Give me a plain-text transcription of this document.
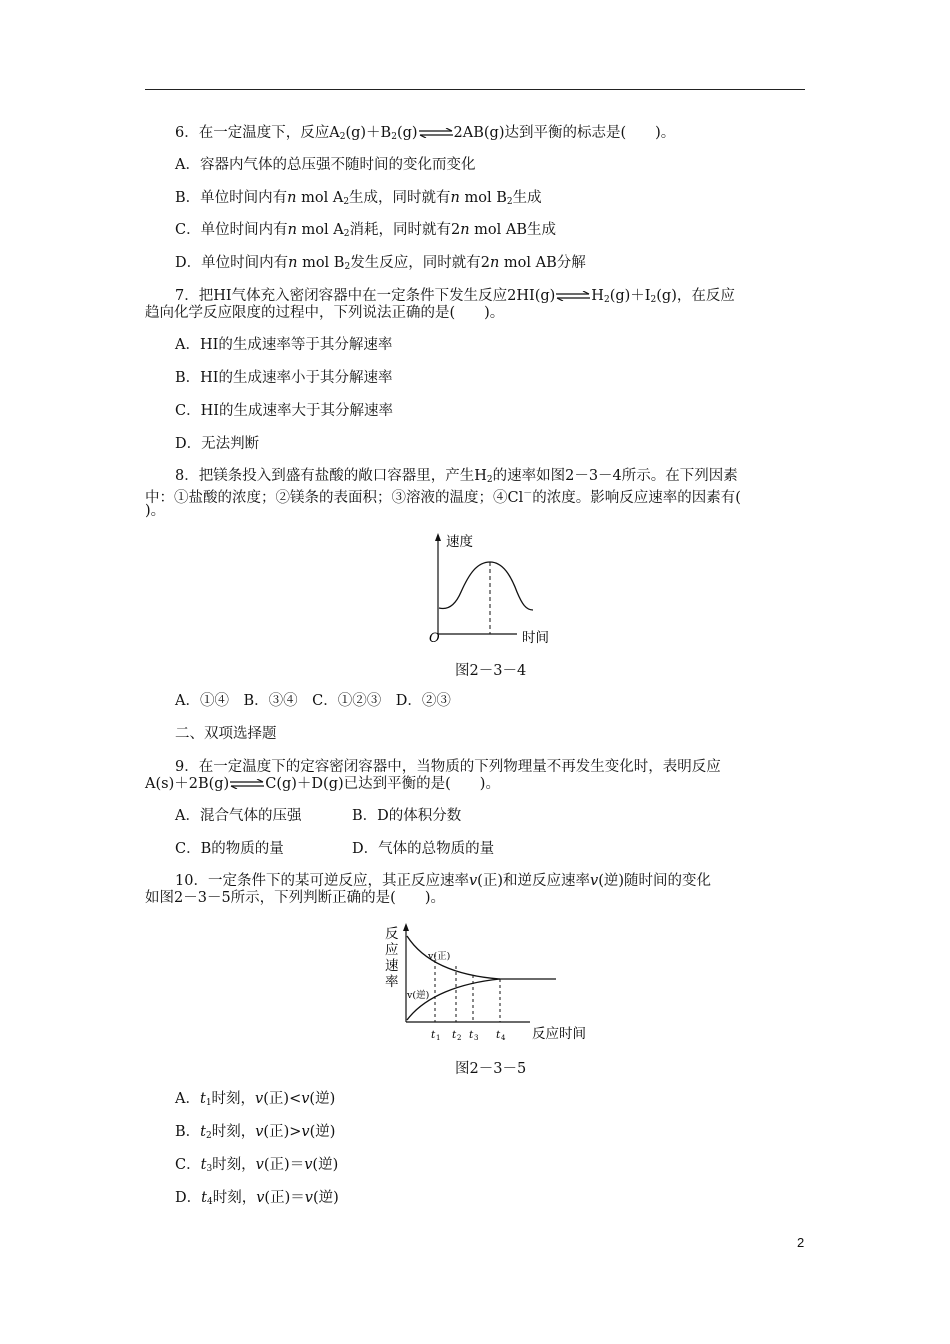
6．在一定温度下，反应$A_2(g)+B_2(g)\rightleftharpoons 2AB(g)$达到平衡的标志是(　　)。
A．容器内气体的总压强不随时间的变化而变化
B．单位时间内有n mol $A_2$生成，同时就有n mol $B_2$生成
C．单位时间内有n mol $A_2$消耗，同时就有2n mol AB生成
D．单位时间内有n mol $B_2$发生反应，同时就有2n mol AB分解
7．把HI气体充入密闭容器中在一定条件下发生反应$2HI(g)\rightleftharpoons H_2(g)+I_2(g)$，在反应
趋向化学反应限度的过程中，下列说法正确的是(　　)。
A．HI的生成速率等于其分解速率
B．HI的生成速率小于其分解速率
C．HI的生成速率大于其分解速率
D．无法判断
8．把镁条投入到盛有盐酸的敞口容器里，产生$H_2$的速率如图2－3－4所示。在下列因素
中：①盐酸的浓度；②镁条的表面积；③溶液的温度；④Cl－的浓度。影响反应速率的因素有(
)。
速度
O	时间
图2－3－4
A．①④　B．③④　C．①②③　D．②③
二、双项选择题
9．在一定温度下的定容密闭容器中，当物质的下列物理量不再发生变化时，表明反应
A(s)＋2B(g)⇌C(g)＋D(g)已达到平衡的是(　　)。
A．混合气体的压强	B．D的体积分数
C．B的物质的量	D．气体的总物质的量
10．一定条件下的某可逆反应，其正反应速率v(正)和逆反应速率v(逆)随时间的变化
如图2－3－5所示，下列判断正确的是(　　)。
反
应
速
率
v(正)
v(逆)
t 1 t 2 t 3 t 4 反应时间
图2－3－5
A．$t_1$时刻，v(正)<v(逆)
B．$t_2$时刻，v(正)>v(逆)
C．$t_3$时刻，v(正)＝v(逆)
D．$t_4$时刻，v(正)＝v(逆)
2
